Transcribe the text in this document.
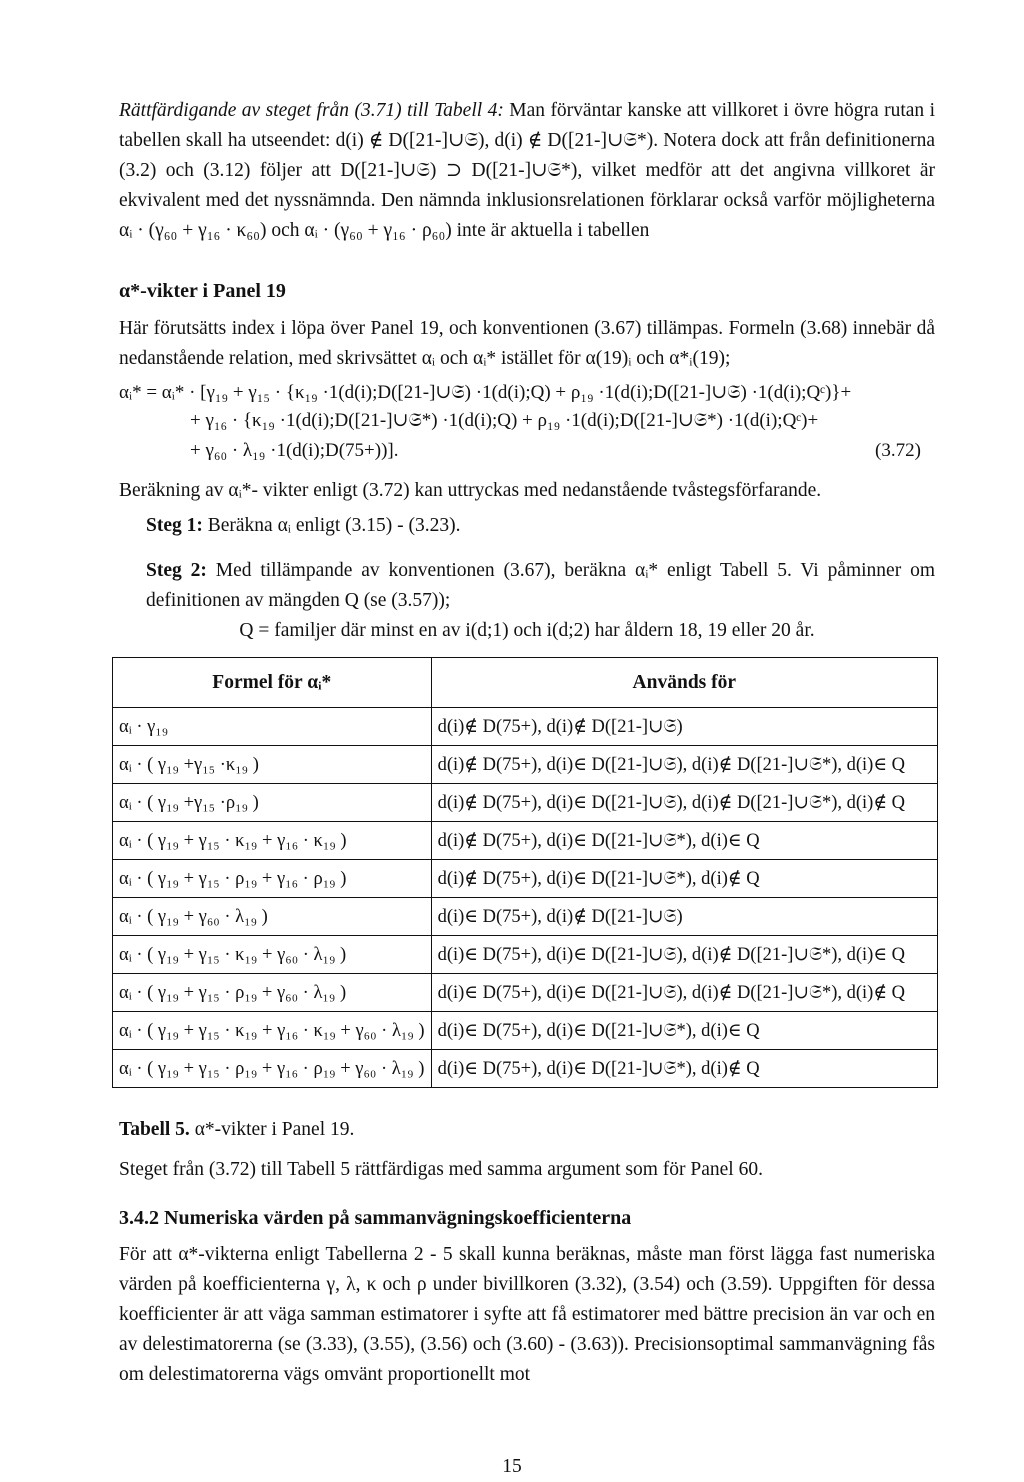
Rättfärdigande av steget från (3.71) till Tabell 4: Man förväntar kanske att villkoret i övre högra rutan i tabellen skall ha utseendet: d(i) ∉ D([21-]∪𝔖), d(i) ∉ D([21-]∪𝔖*). Notera dock att från definitionerna (3.2) och (3.12) följer att D([21-]∪𝔖) ⊃ D([21-]∪𝔖*), vilket medför att det angivna villkoret är ekvivalent med det nyssnämnda. Den nämnda inklusionsrelationen förklarar också varför möjligheterna αᵢ · (γ₆₀ + γ₁₆ · κ₆₀) och αᵢ · (γ₆₀ + γ₁₆ · ρ₆₀) inte är aktuella i tabellen

α*-vikter i Panel 19

Här förutsätts index i löpa över Panel 19, och konventionen (3.67) tillämpas. Formeln (3.68) innebär då nedanstående relation, med skrivsättet αᵢ och αᵢ* istället för α(19)ᵢ och α*ᵢ(19);

αᵢ* = αᵢ* · [γ₁₉ + γ₁₅ · {κ₁₉ ·1(d(i);D([21-]∪𝔖) ·1(d(i);Q) + ρ₁₉ ·1(d(i);D([21-]∪𝔖) ·1(d(i);Qᶜ)}+
+ γ₁₆ · {κ₁₉ ·1(d(i);D([21-]∪𝔖*) ·1(d(i);Q) + ρ₁₉ ·1(d(i);D([21-]∪𝔖*) ·1(d(i);Qᶜ)+
+ γ₆₀ · λ₁₉ ·1(d(i);D(75+))].	(3.72)

Beräkning av αᵢ*- vikter enligt (3.72) kan uttryckas med nedanstående tvåstegsförfarande.

Steg 1: Beräkna αᵢ enligt (3.15) - (3.23).

Steg 2: Med tillämpande av konventionen (3.67), beräkna αᵢ* enligt Tabell 5. Vi påminner om definitionen av mängden Q (se (3.57));

Q = familjer där minst en av i(d;1) och i(d;2) har åldern 18, 19 eller 20 år.
Formel för αᵢ*	Används för
αᵢ · γ₁₉	d(i)∉ D(75+), d(i)∉ D([21-]∪𝔖)
αᵢ · ( γ₁₉ +γ₁₅ ·κ₁₉ )	d(i)∉ D(75+), d(i)∈ D([21-]∪𝔖), d(i)∉ D([21-]∪𝔖*), d(i)∈ Q
αᵢ · ( γ₁₉ +γ₁₅ ·ρ₁₉ )	d(i)∉ D(75+), d(i)∈ D([21-]∪𝔖), d(i)∉ D([21-]∪𝔖*), d(i)∉ Q
αᵢ · ( γ₁₉ + γ₁₅ · κ₁₉ + γ₁₆ · κ₁₉ )	d(i)∉ D(75+), d(i)∈ D([21-]∪𝔖*), d(i)∈ Q
αᵢ · ( γ₁₉ + γ₁₅ · ρ₁₉ + γ₁₆ · ρ₁₉ )	d(i)∉ D(75+), d(i)∈ D([21-]∪𝔖*), d(i)∉ Q
αᵢ · ( γ₁₉ + γ₆₀ · λ₁₉ )	d(i)∈ D(75+), d(i)∉ D([21-]∪𝔖)
αᵢ · ( γ₁₉ + γ₁₅ · κ₁₉ + γ₆₀ · λ₁₉ )	d(i)∈ D(75+), d(i)∈ D([21-]∪𝔖), d(i)∉ D([21-]∪𝔖*), d(i)∈ Q
αᵢ · ( γ₁₉ + γ₁₅ · ρ₁₉ + γ₆₀ · λ₁₉ )	d(i)∈ D(75+), d(i)∈ D([21-]∪𝔖), d(i)∉ D([21-]∪𝔖*), d(i)∉ Q
αᵢ · ( γ₁₉ + γ₁₅ · κ₁₉ + γ₁₆ · κ₁₉ + γ₆₀ · λ₁₉ )	d(i)∈ D(75+), d(i)∈ D([21-]∪𝔖*), d(i)∈ Q
αᵢ · ( γ₁₉ + γ₁₅ · ρ₁₉ + γ₁₆ · ρ₁₉ + γ₆₀ · λ₁₉ )	d(i)∈ D(75+), d(i)∈ D([21-]∪𝔖*), d(i)∉ Q
Tabell 5. α*-vikter i Panel 19.

Steget från (3.72) till Tabell 5 rättfärdigas med samma argument som för Panel 60.

3.4.2 Numeriska värden på sammanvägningskoefficienterna

För att α*-vikterna enligt Tabellerna 2 - 5 skall kunna beräknas, måste man först lägga fast numeriska värden på koefficienterna γ, λ, κ och ρ under bivillkoren (3.32), (3.54) och (3.59). Uppgiften för dessa koefficienter är att väga samman estimatorer i syfte att få estimatorer med bättre precision än var och en av delestimatorerna (se (3.33), (3.55), (3.56) och (3.60) - (3.63)). Precisionsoptimal sammanvägning fås om delestimatorerna vägs omvänt proportionellt mot

15
